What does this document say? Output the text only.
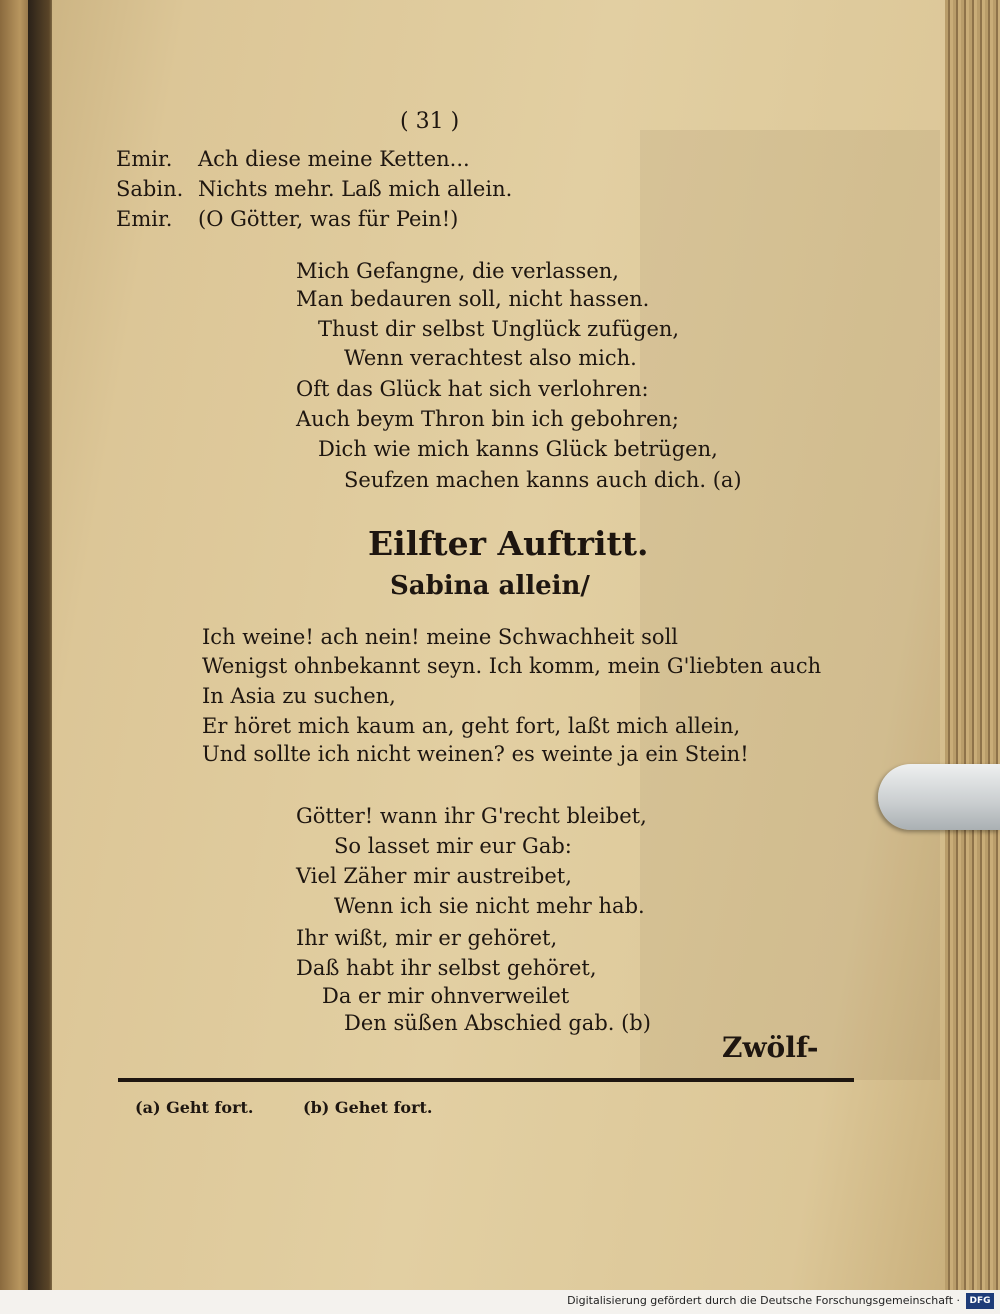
( 31 )
Emir. Ach diese meine Ketten...
Sabin. Nichts mehr. Laß mich allein.
Emir. (O Götter, was für Pein!)
Mich Gefangne, die verlassen,
Man bedauren soll, nicht hassen.
Thust dir selbst Unglück zufügen,
Wenn verachtest also mich.
Oft das Glück hat sich verlohren:
Auch beym Thron bin ich gebohren;
Dich wie mich kanns Glück betrügen,
Seufzen machen kanns auch dich. (a)
Eilfter Auftritt.
Sabina allein/
Ich weine! ach nein! meine Schwachheit soll
Wenigst ohnbekannt seyn. Ich komm, mein G'liebten auch
In Asia zu suchen,
Er höret mich kaum an, geht fort, laßt mich allein,
Und sollte ich nicht weinen? es weinte ja ein Stein!
Götter! wann ihr G'recht bleibet,
So lasset mir eur Gab:
Viel Zäher mir austreibet,
Wenn ich sie nicht mehr hab.
Ihr wißt, mir er gehöret,
Daß habt ihr selbst gehöret,
Da er mir ohnverweilet
Den süßen Abschied gab. (b)
Zwölf-
(a) Geht fort.	(b) Gehet fort.
Digitalisierung gefördert durch die Deutsche Forschungsgemeinschaft ·	DFG
